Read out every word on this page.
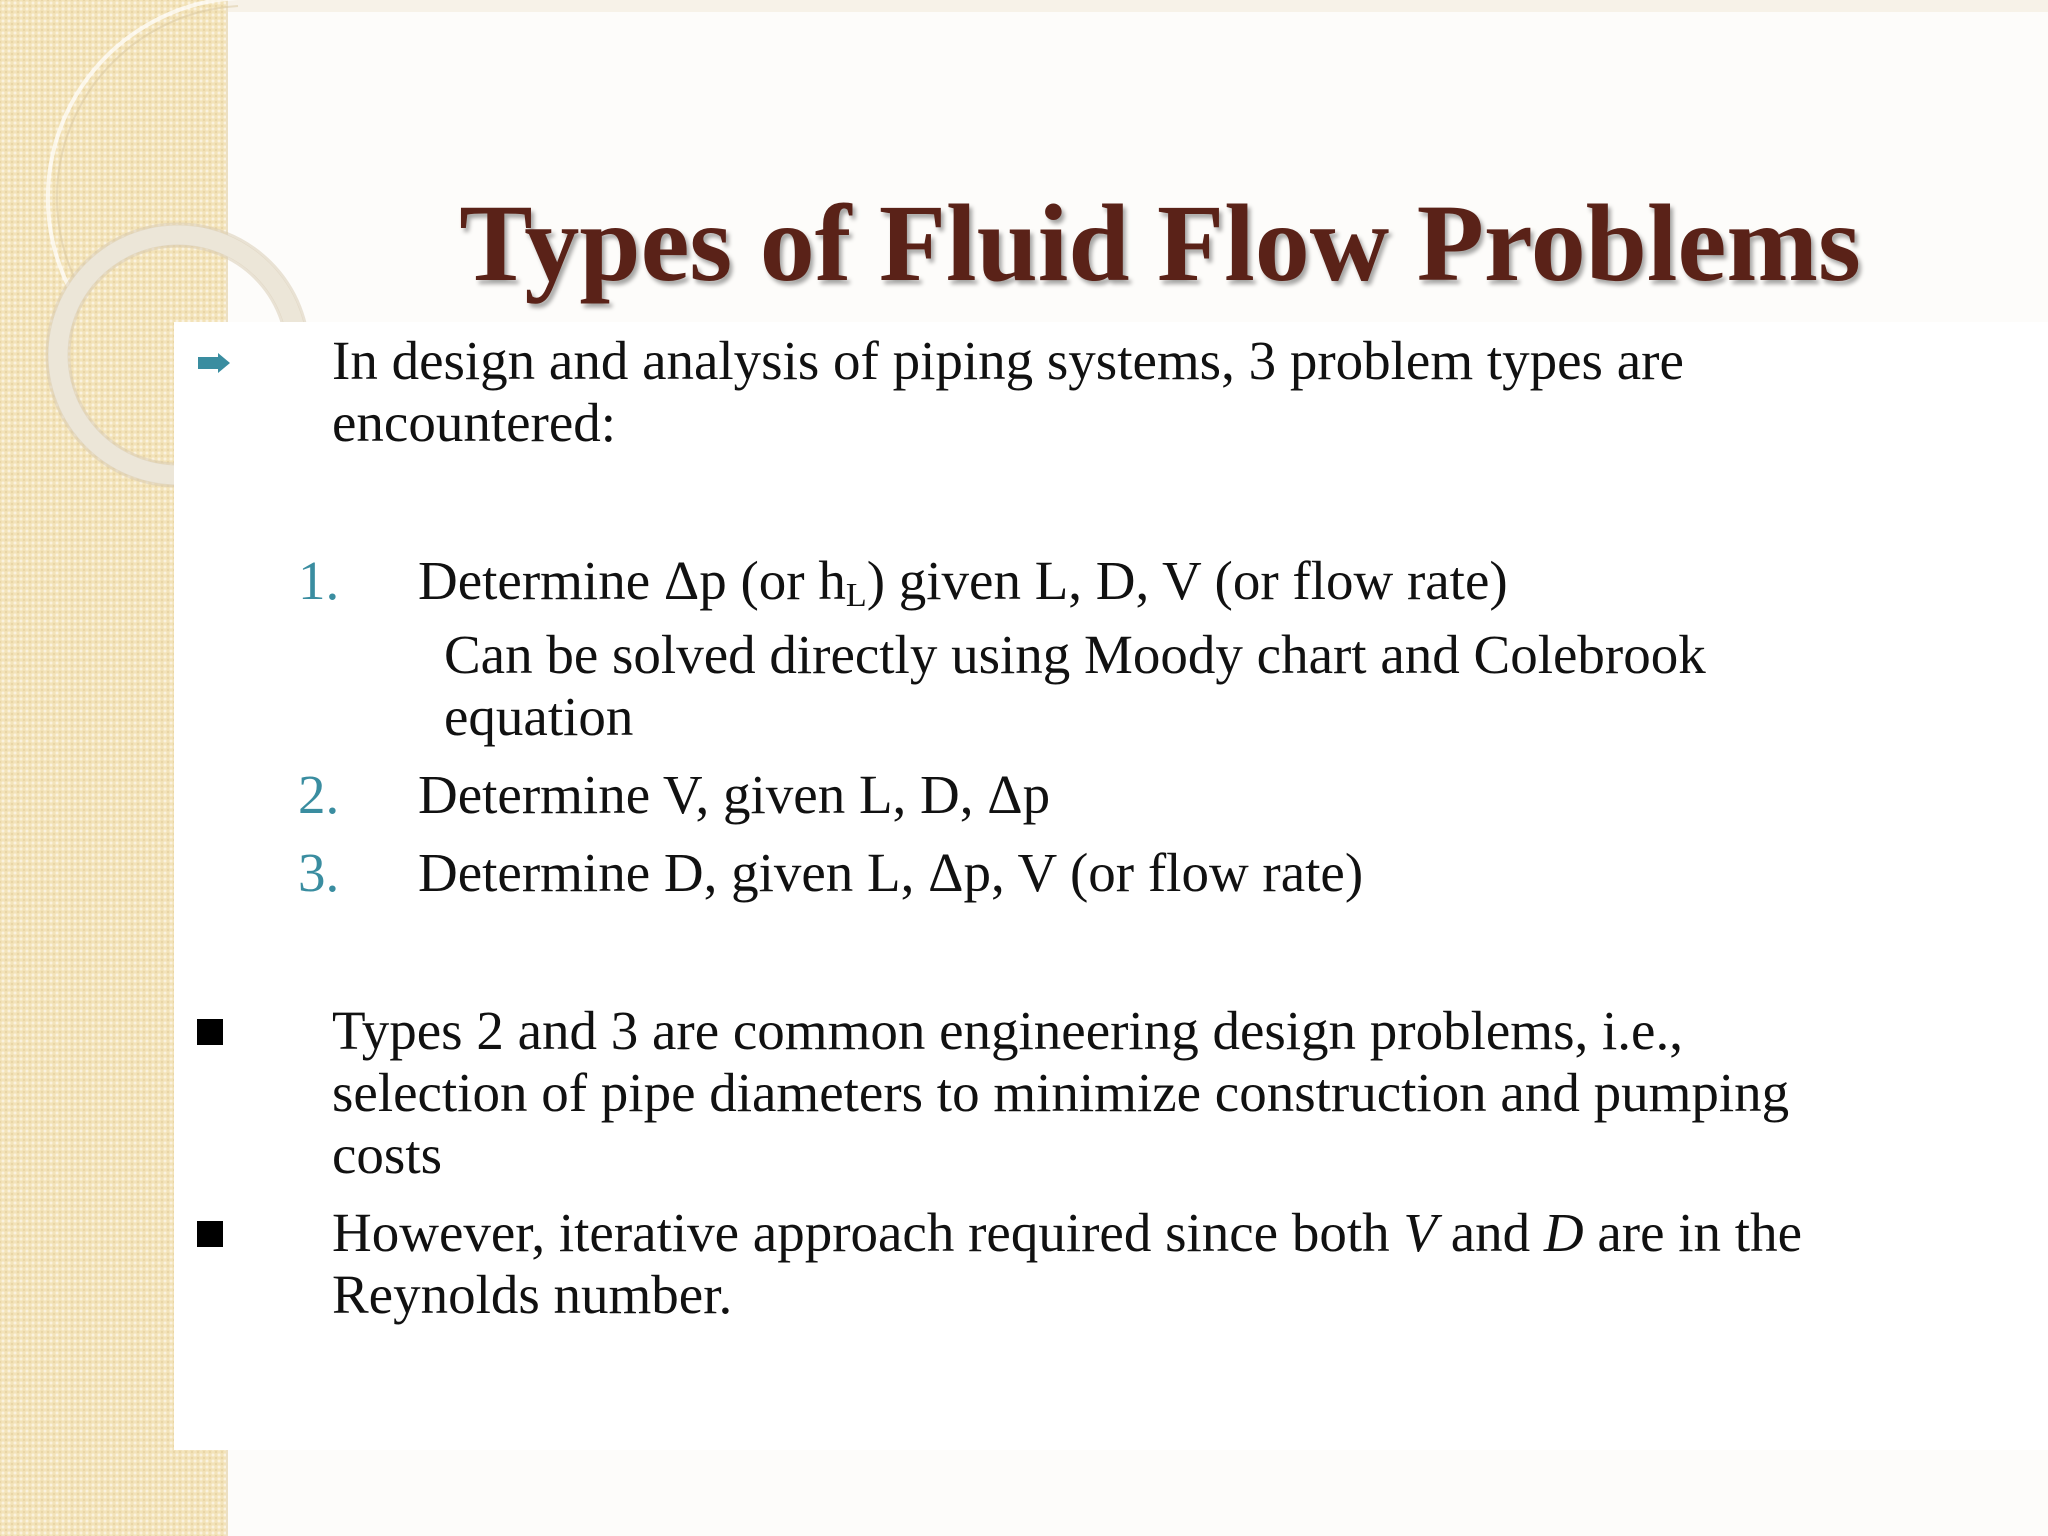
Types of Fluid Flow Problems
In design and analysis of piping systems, 3 problem types are
encountered:
1. Determine Δp (or $h_L$) given L, D, V (or flow rate)
Can be solved directly using Moody chart and Colebrook
equation
2. Determine V, given L, D, Δp
3. Determine D, given L, Δp, V (or flow rate)
Types 2 and 3 are common engineering design problems, i.e.,
selection of pipe diameters to minimize construction and pumping
costs
However, iterative approach required since both V and D are in the
Reynolds number.
